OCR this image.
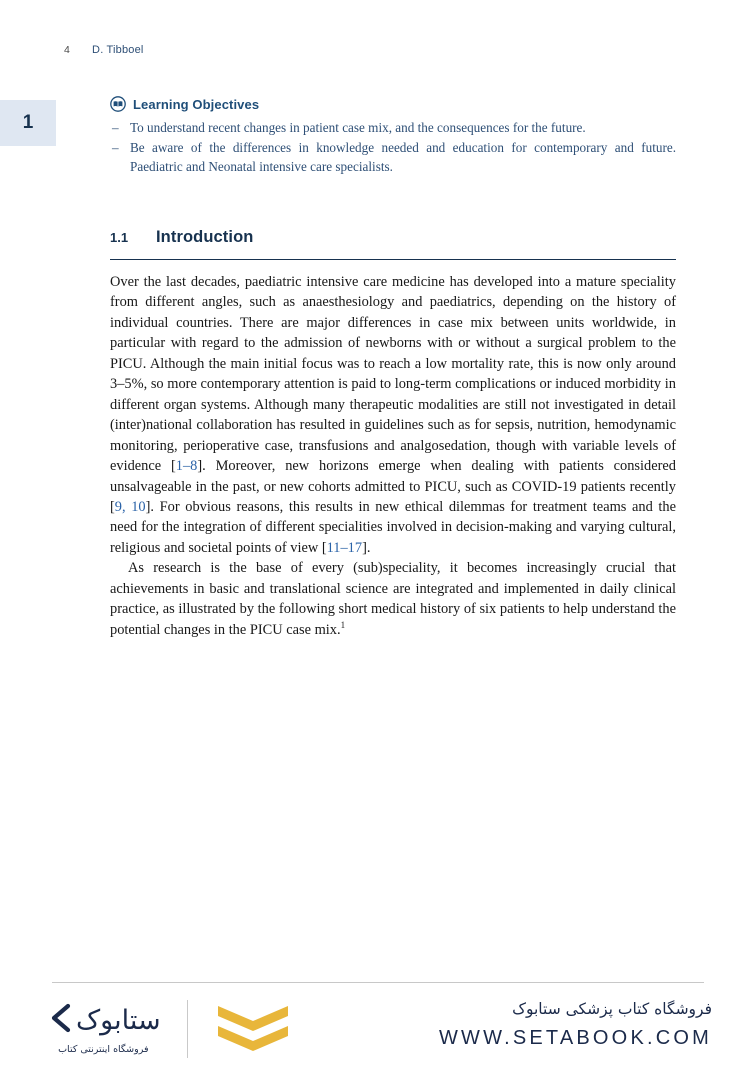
4 D. Tibboel
1
Learning Objectives
– To understand recent changes in patient case mix, and the consequences for the future.
– Be aware of the differences in knowledge needed and education for contemporary and future. Paediatric and Neonatal intensive care specialists.
1.1	Introduction

Over the last decades, paediatric intensive care medicine has developed into a mature speciality from different angles, such as anaesthesiology and paediatrics, depending on the history of individual countries. There are major differences in case mix between units worldwide, in particular with regard to the admission of newborns with or without a surgical problem to the PICU. Although the main initial focus was to reach a low mortality rate, this is now only around 3–5%, so more contemporary attention is paid to long-term complications or induced morbidity in different organ systems. Although many therapeutic modalities are still not investigated in detail (inter)national collaboration has resulted in guidelines such as for sepsis, nutrition, hemodynamic monitoring, perioperative case, transfusions and analgosedation, though with variable levels of evidence [1–8]. Moreover, new horizons emerge when dealing with patients considered unsalvageable in the past, or new cohorts admitted to PICU, such as COVID-19 patients recently [9, 10]. For obvious reasons, this results in new ethical dilemmas for treatment teams and the need for the integration of different specialities involved in decision-making and varying cultural, religious and societal points of view [11–17].

As research is the base of every (sub)speciality, it becomes increasingly crucial that achievements in basic and translational science are integrated and implemented in daily clinical practice, as illustrated by the following short medical history of six patients to help understand the potential changes in the PICU case mix.$^1$

ستابوک
فروشگاه اینترنتی کتاب
فروشگاه کتاب پزشکی ستابوک
WWW.SETABOOK.COM
